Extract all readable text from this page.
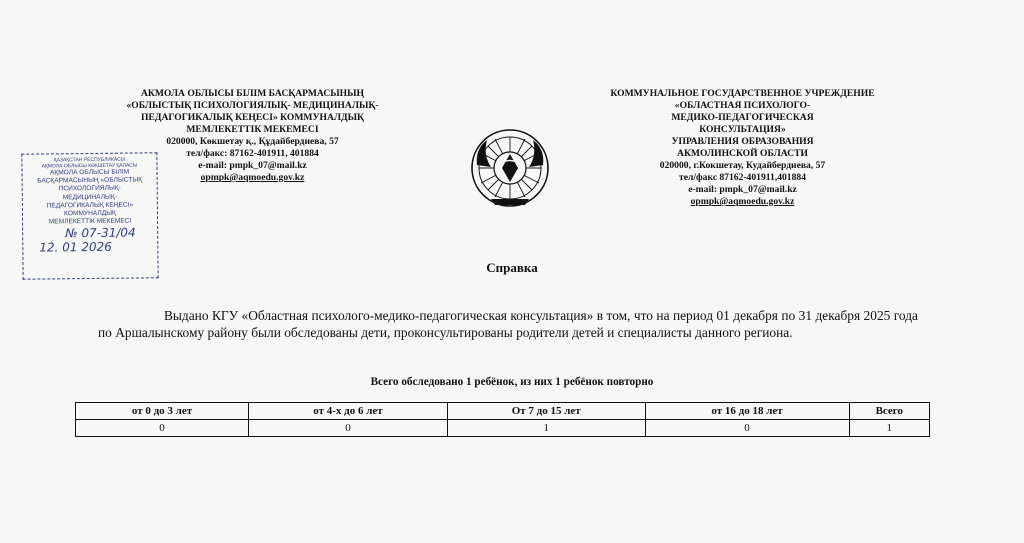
АКМОЛА ОБЛЫСЫ БІЛІМ БАСҚАРМАСЫНЫҢ
«ОБЛЫСТЫҚ ПСИХОЛОГИЯЛЫҚ- МЕДИЦИНАЛЫҚ-
ПЕДАГОГИКАЛЫҚ КЕҢЕСІ» КОММУНАЛДЫҚ
МЕМЛЕКЕТТІК МЕКЕМЕСІ
020000, Көкшетау қ., Құдайбердиева, 57
тел/факс: 87162-401911, 401884
e-mail: pmpk_07@mail.kz
opmpk@aqmoedu.gov.kz
КОММУНАЛЬНОЕ ГОСУДАРСТВЕННОЕ УЧРЕЖДЕНИЕ
«ОБЛАСТНАЯ ПСИХОЛОГО-
МЕДИКО-ПЕДАГОГИЧЕСКАЯ
КОНСУЛЬТАЦИЯ»
УПРАВЛЕНИЯ ОБРАЗОВАНИЯ
АКМОЛИНСКОЙ ОБЛАСТИ
020000, г.Кокшетау, Кудайбердиева, 57
тел/факс 87162-401911,401884
e-mail: pmpk_07@mail.kz
opmpk@aqmoedu.gov.kz
ҚАЗАҚСТАН РЕСПУБЛИКАСЫ
АҚМОЛА ОБЛЫСЫ КӨКШЕТАУ ҚАЛАСЫ
АҚМОЛА ОБЛЫСЫ БІЛІМ
БАСҚАРМАСЫНЫҢ «ОБЛЫСТЫҚ
ПСИХОЛОГИЯЛЫҚ-
МЕДИЦИНАЛЫҚ-
ПЕДАГОГИКАЛЫҚ КЕҢЕСІ»
КОММУНАЛДЫҚ
МЕМЛЕКЕТТІК МЕКЕМЕСІ
№ 07-31/04
12. 01 2026
Справка
Выдано КГУ «Областная психолого-медико-педагогическая консультация» в том, что на период 01 декабря по 31 декабря 2025 года по Аршалынскому району были обследованы дети, проконсультированы родители детей и специалисты данного региона.
Всего обследовано 1 ребёнок, из них 1 ребёнок повторно
от 0 до 3 лет	от 4-х до 6 лет	От 7 до 15 лет	от 16 до 18 лет	Всего
0	0	1	0	1
